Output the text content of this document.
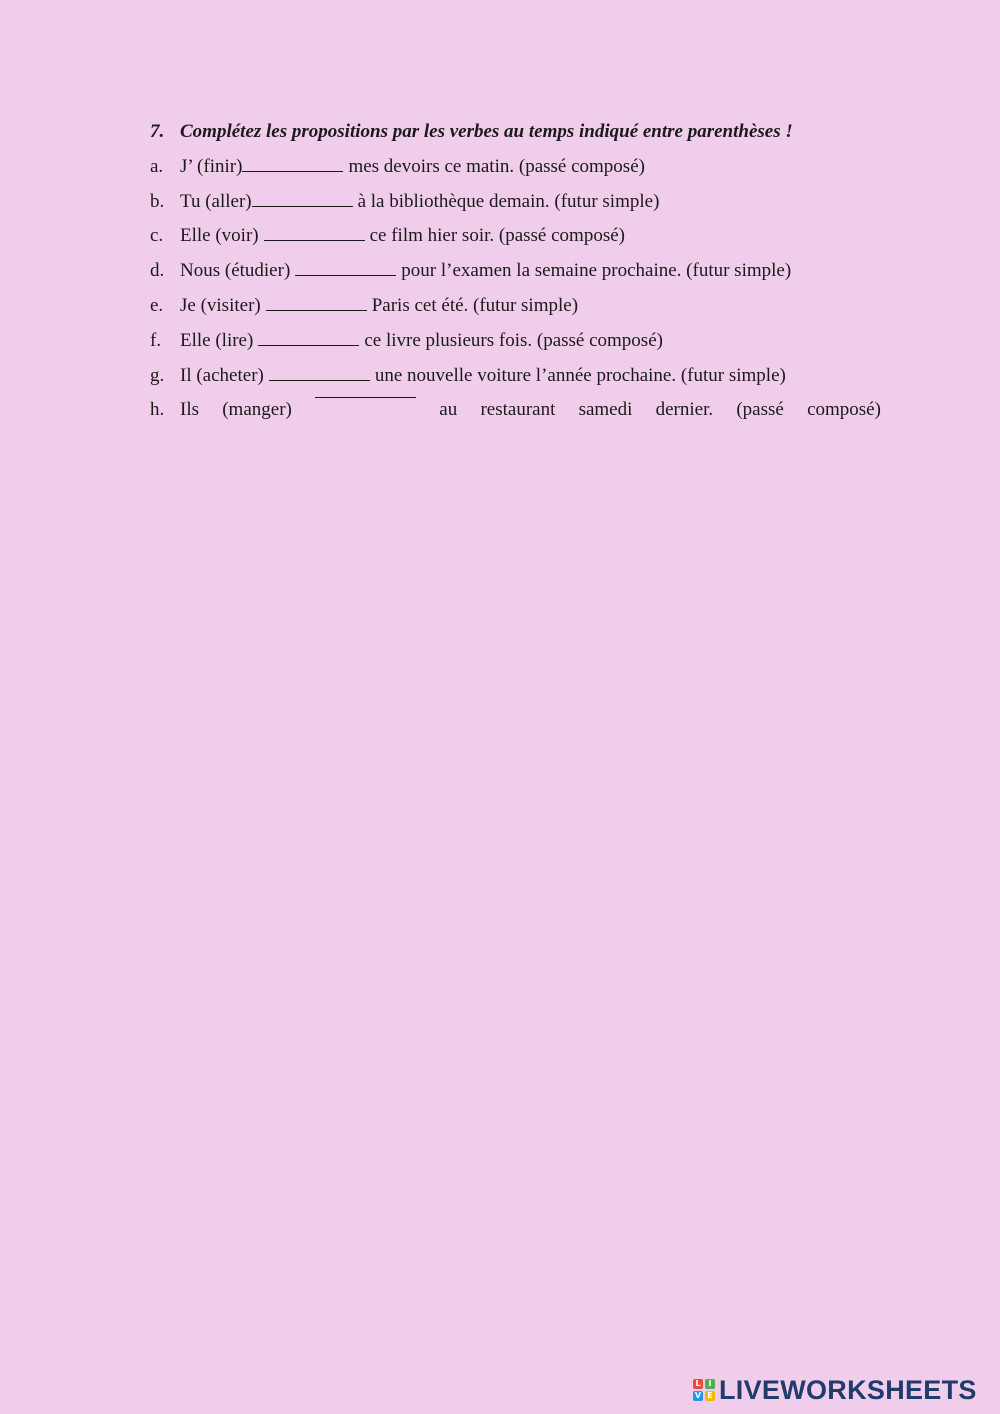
7. Complétez les propositions par les verbes au temps indiqué entre parenthèses !
a. J’ (finir)	mes devoirs ce matin. (passé composé)
b. Tu (aller)	à la bibliothèque demain. (futur simple)
c. Elle (voir)	ce film hier soir. (passé composé)
d. Nous (étudier)	pour l’examen la semaine prochaine. (futur simple)
e. Je (visiter)	Paris cet été. (futur simple)
f. Elle (lire)	ce livre plusieurs fois. (passé composé)
g. Il (acheter)	une nouvelle voiture l’année prochaine. (futur simple)
h. Ils (manger)	au restaurant samedi dernier. (passé composé)
L I
V E LIVEWORKSHEETS
